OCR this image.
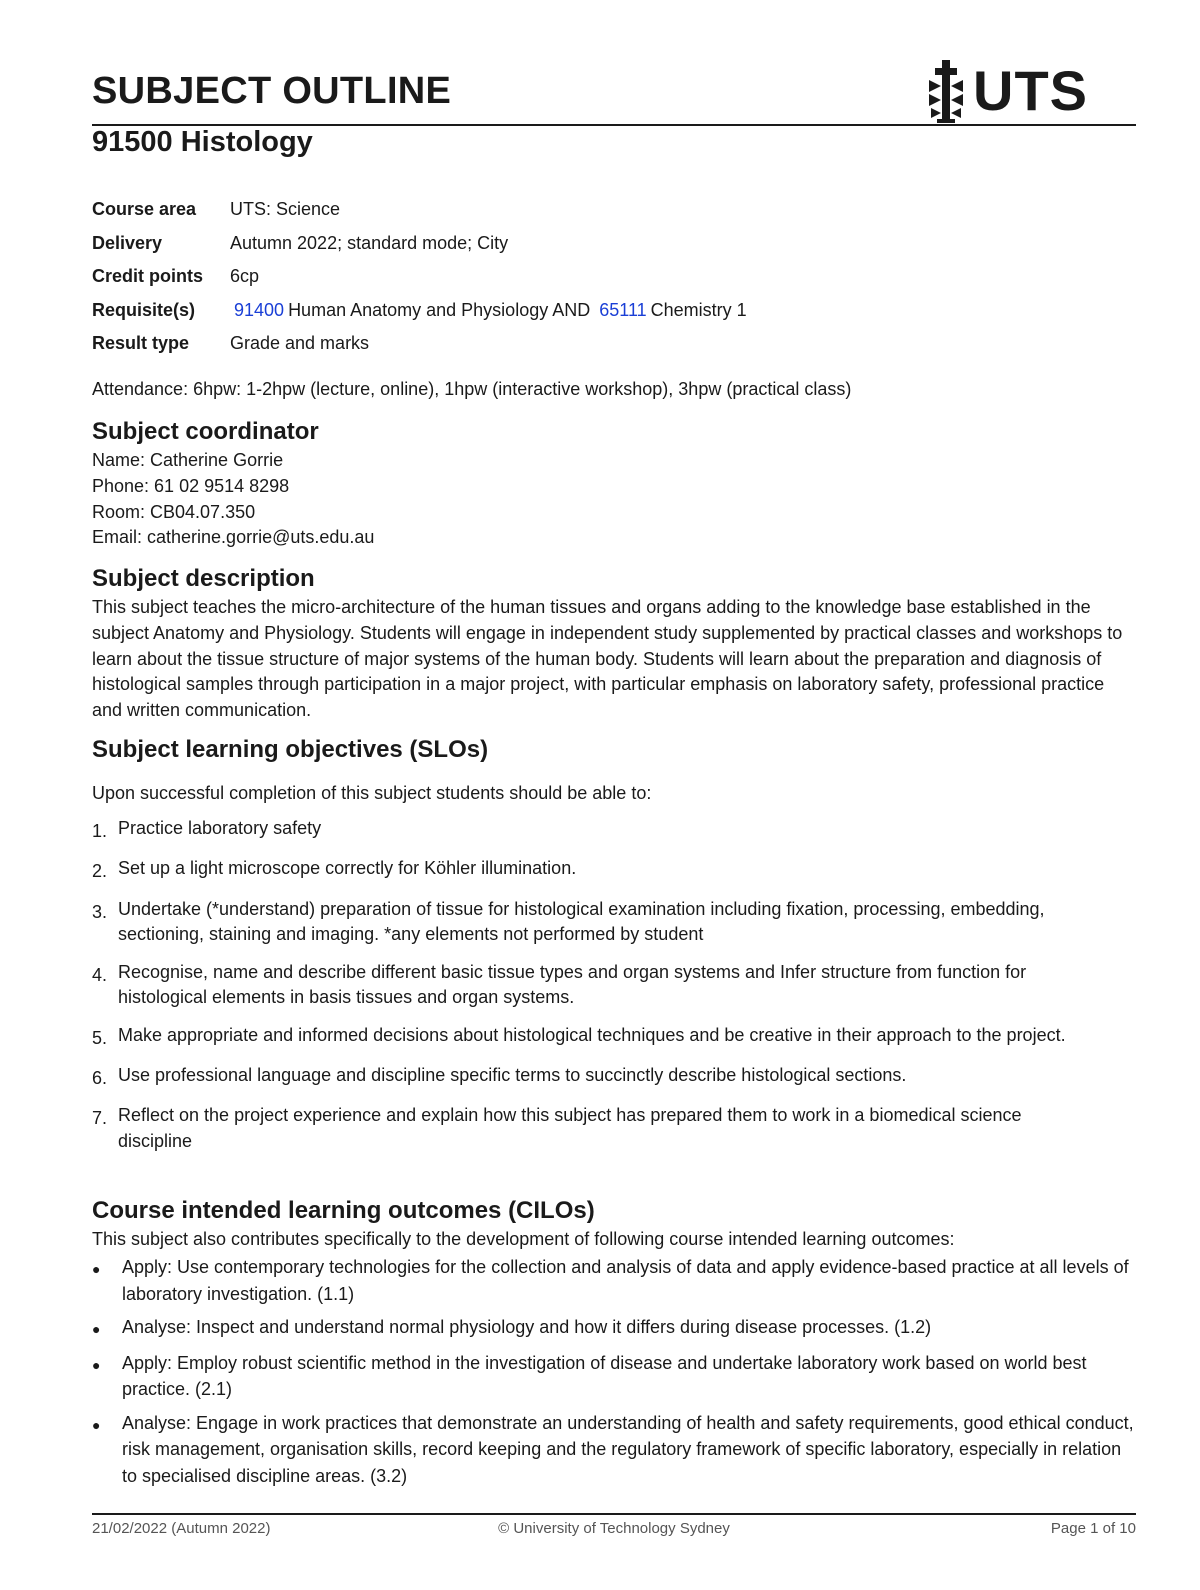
SUBJECT OUTLINE	UTS
91500 Histology
Course area	UTS: Science
Delivery	Autumn 2022; standard mode; City
Credit points	6cp
Requisite(s)	91400 Human Anatomy and Physiology AND 65111 Chemistry 1
Result type	Grade and marks
Attendance: 6hpw: 1-2hpw (lecture, online), 1hpw (interactive workshop), 3hpw (practical class)
Subject coordinator
Name: Catherine Gorrie
Phone: 61 02 9514 8298
Room: CB04.07.350
Email: catherine.gorrie@uts.edu.au
Subject description
This subject teaches the micro-architecture of the human tissues and organs adding to the knowledge base established in the subject Anatomy and Physiology. Students will engage in independent study supplemented by practical classes and workshops to learn about the tissue structure of major systems of the human body. Students will learn about the preparation and diagnosis of histological samples through participation in a major project, with particular emphasis on laboratory safety, professional practice and written communication.
Subject learning objectives (SLOs)
Upon successful completion of this subject students should be able to:
1. Practice laboratory safety
2. Set up a light microscope correctly for Köhler illumination.
3. Undertake (*understand) preparation of tissue for histological examination including fixation, processing, embedding, sectioning, staining and imaging. *any elements not performed by student
4. Recognise, name and describe different basic tissue types and organ systems and Infer structure from function for histological elements in basis tissues and organ systems.
5. Make appropriate and informed decisions about histological techniques and be creative in their approach to the project.
6. Use professional language and discipline specific terms to succinctly describe histological sections.
7. Reflect on the project experience and explain how this subject has prepared them to work in a biomedical science discipline
Course intended learning outcomes (CILOs)
This subject also contributes specifically to the development of following course intended learning outcomes:
●	Apply: Use contemporary technologies for the collection and analysis of data and apply evidence-based practice at all levels of laboratory investigation. (1.1)
●	Analyse: Inspect and understand normal physiology and how it differs during disease processes. (1.2)
●	Apply: Employ robust scientific method in the investigation of disease and undertake laboratory work based on world best practice. (2.1)
●	Analyse: Engage in work practices that demonstrate an understanding of health and safety requirements, good ethical conduct, risk management, organisation skills, record keeping and the regulatory framework of specific laboratory, especially in relation to specialised discipline areas. (3.2)
21/02/2022 (Autumn 2022)	© University of Technology Sydney	Page 1 of 10
